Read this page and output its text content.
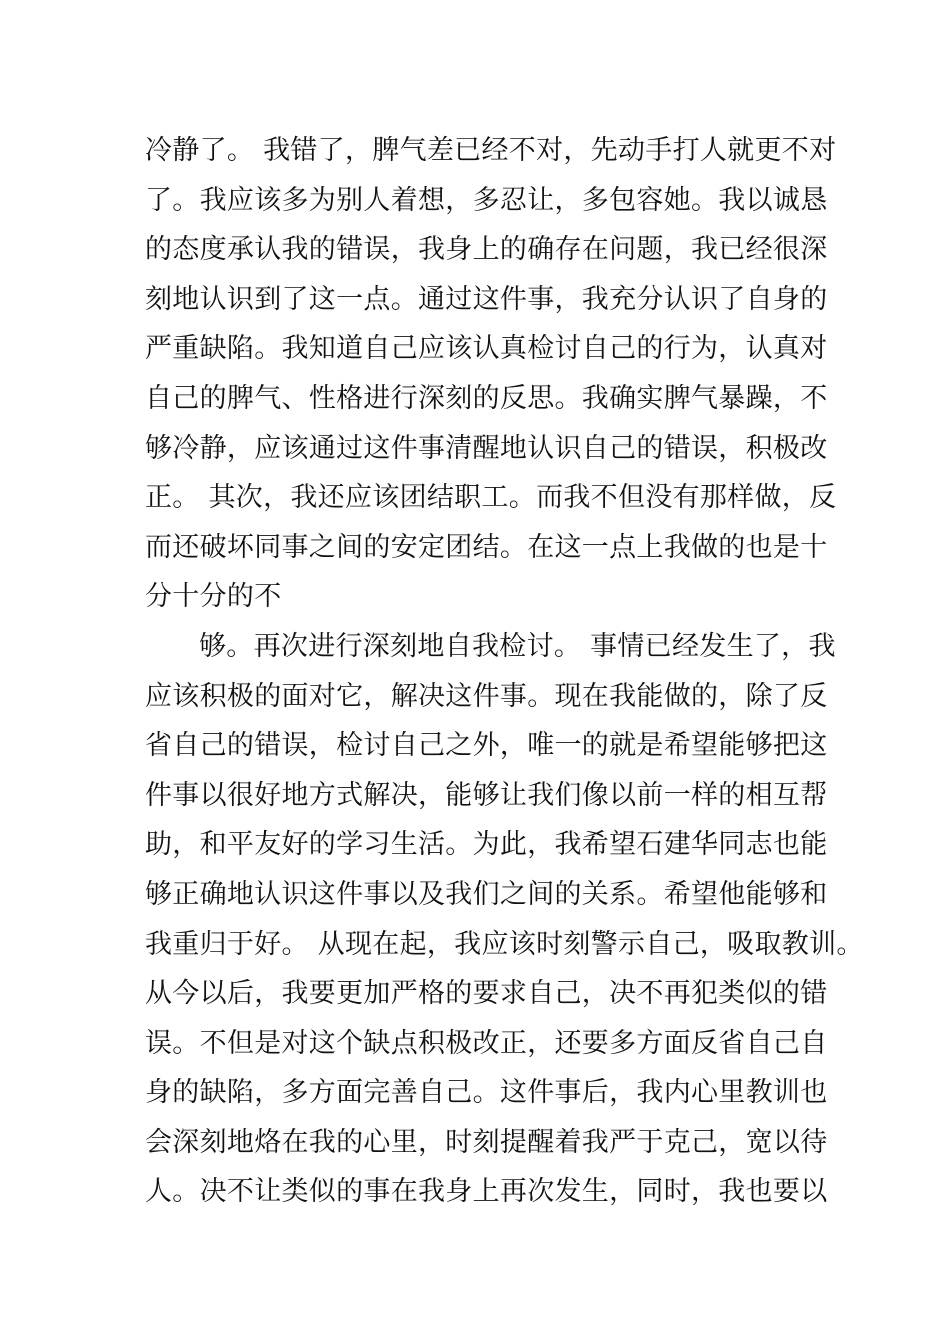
冷静了。 我错了，脾气差已经不对，先动手打人就更不对
了。我应该多为别人着想，多忍让，多包容她。我以诚恳
的态度承认我的错误，我身上的确存在问题，我已经很深
刻地认识到了这一点。通过这件事，我充分认识了自身的
严重缺陷。我知道自己应该认真检讨自己的行为，认真对
自己的脾气、性格进行深刻的反思。我确实脾气暴躁，不
够冷静，应该通过这件事清醒地认识自己的错误，积极改
正。 其次，我还应该团结职工。而我不但没有那样做，反
而还破坏同事之间的安定团结。在这一点上我做的也是十
分十分的不
够。再次进行深刻地自我检讨。 事情已经发生了，我
应该积极的面对它，解决这件事。现在我能做的，除了反
省自己的错误，检讨自己之外，唯一的就是希望能够把这
件事以很好地方式解决，能够让我们像以前一样的相互帮
助，和平友好的学习生活。为此，我希望石建华同志也能
够正确地认识这件事以及我们之间的关系。希望他能够和
我重归于好。 从现在起，我应该时刻警示自己，吸取教训。
从今以后，我要更加严格的要求自己，决不再犯类似的错
误。不但是对这个缺点积极改正，还要多方面反省自己自
身的缺陷，多方面完善自己。这件事后，我内心里教训也
会深刻地烙在我的心里，时刻提醒着我严于克己，宽以待
人。决不让类似的事在我身上再次发生，同时，我也要以
